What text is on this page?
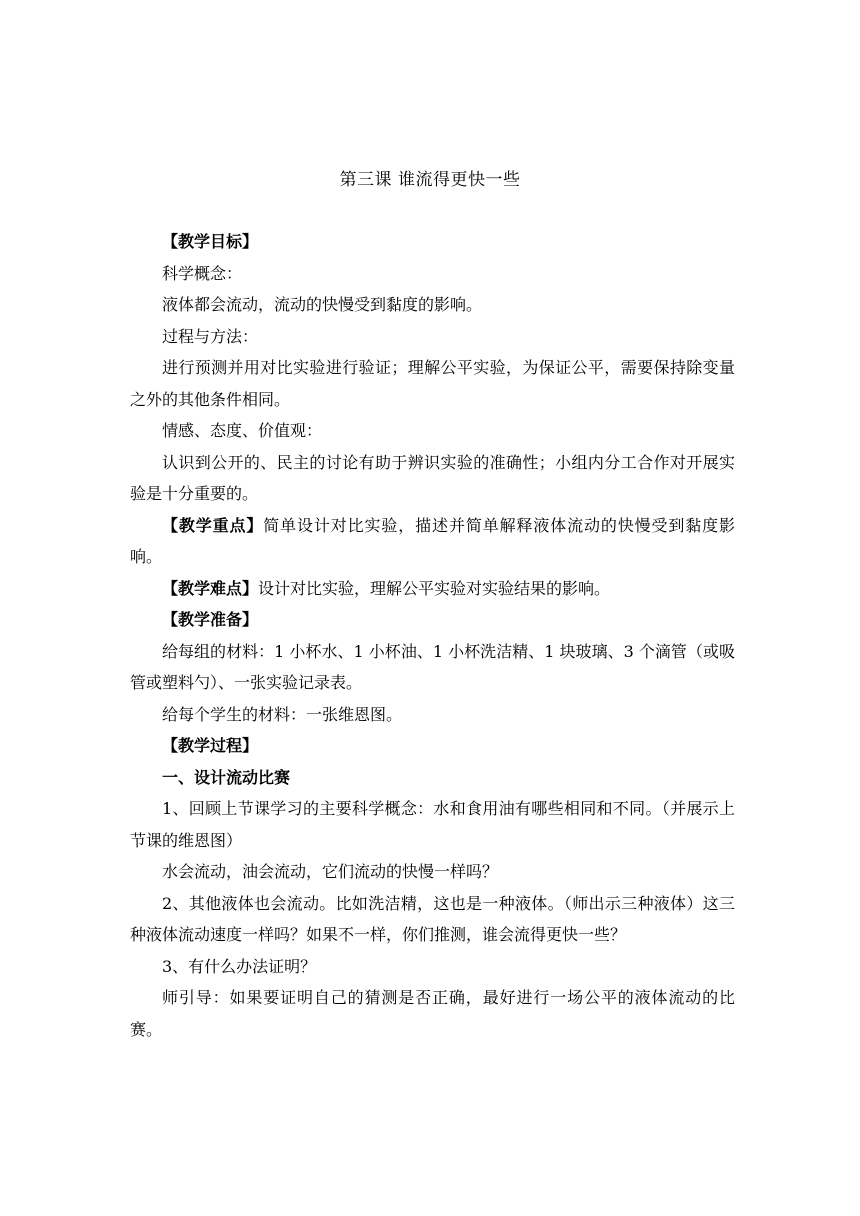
第三课 谁流得更快一些

【教学目标】

科学概念：

液体都会流动，流动的快慢受到黏度的影响。

过程与方法：

进行预测并用对比实验进行验证；理解公平实验，为保证公平，需要保持除变量之外的其他条件相同。

情感、态度、价值观：

认识到公开的、民主的讨论有助于辨识实验的准确性；小组内分工合作对开展实验是十分重要的。

【教学重点】简单设计对比实验，描述并简单解释液体流动的快慢受到黏度影响。

【教学难点】设计对比实验，理解公平实验对实验结果的影响。

【教学准备】

给每组的材料：1 小杯水、1 小杯油、1 小杯洗洁精、1 块玻璃、3 个滴管（或吸管或塑料勺）、一张实验记录表。

给每个学生的材料：一张维恩图。

【教学过程】

一、设计流动比赛

1、回顾上节课学习的主要科学概念：水和食用油有哪些相同和不同。（并展示上节课的维恩图）

水会流动，油会流动，它们流动的快慢一样吗？

2、其他液体也会流动。比如洗洁精，这也是一种液体。（师出示三种液体）这三种液体流动速度一样吗？如果不一样，你们推测，谁会流得更快一些？

3、有什么办法证明？

师引导：如果要证明自己的猜测是否正确，最好进行一场公平的液体流动的比赛。
